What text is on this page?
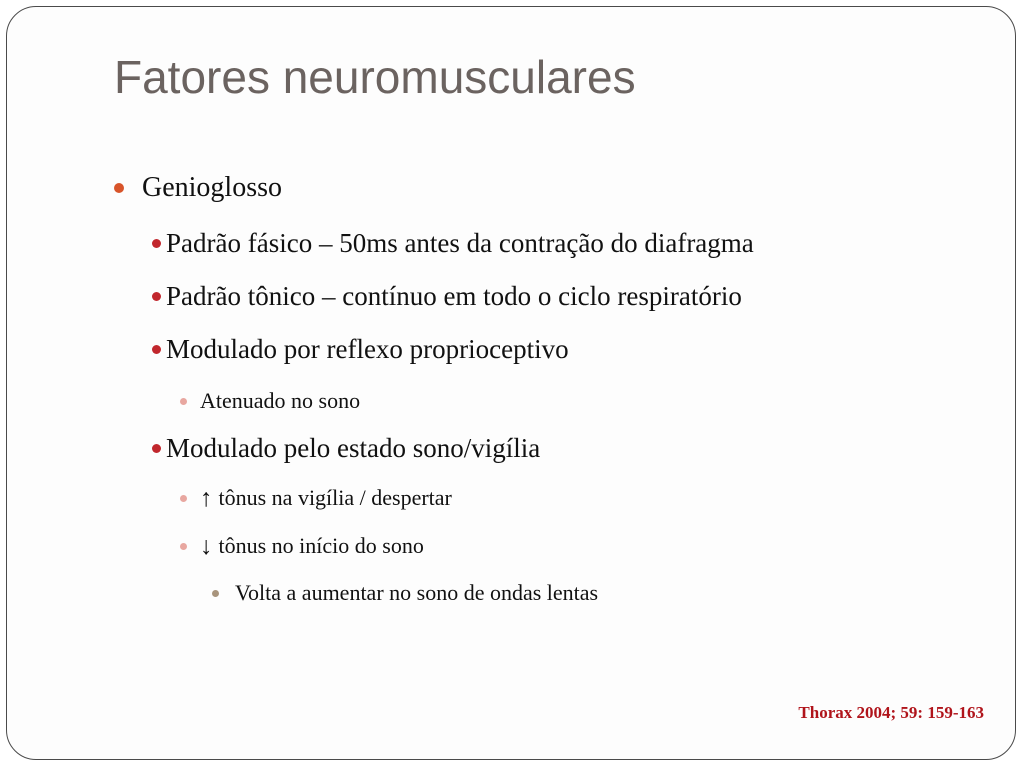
Fatores neuromusculares
Genioglosso
Padrão fásico – 50ms antes da contração do diafragma
Padrão tônico – contínuo em todo o ciclo respiratório
Modulado por reflexo proprioceptivo
Atenuado no sono
Modulado pelo estado sono/vigília
↑ tônus na vigília / despertar
↓ tônus no início do sono
Volta a aumentar no sono de ondas lentas
Thorax 2004; 59: 159-163
